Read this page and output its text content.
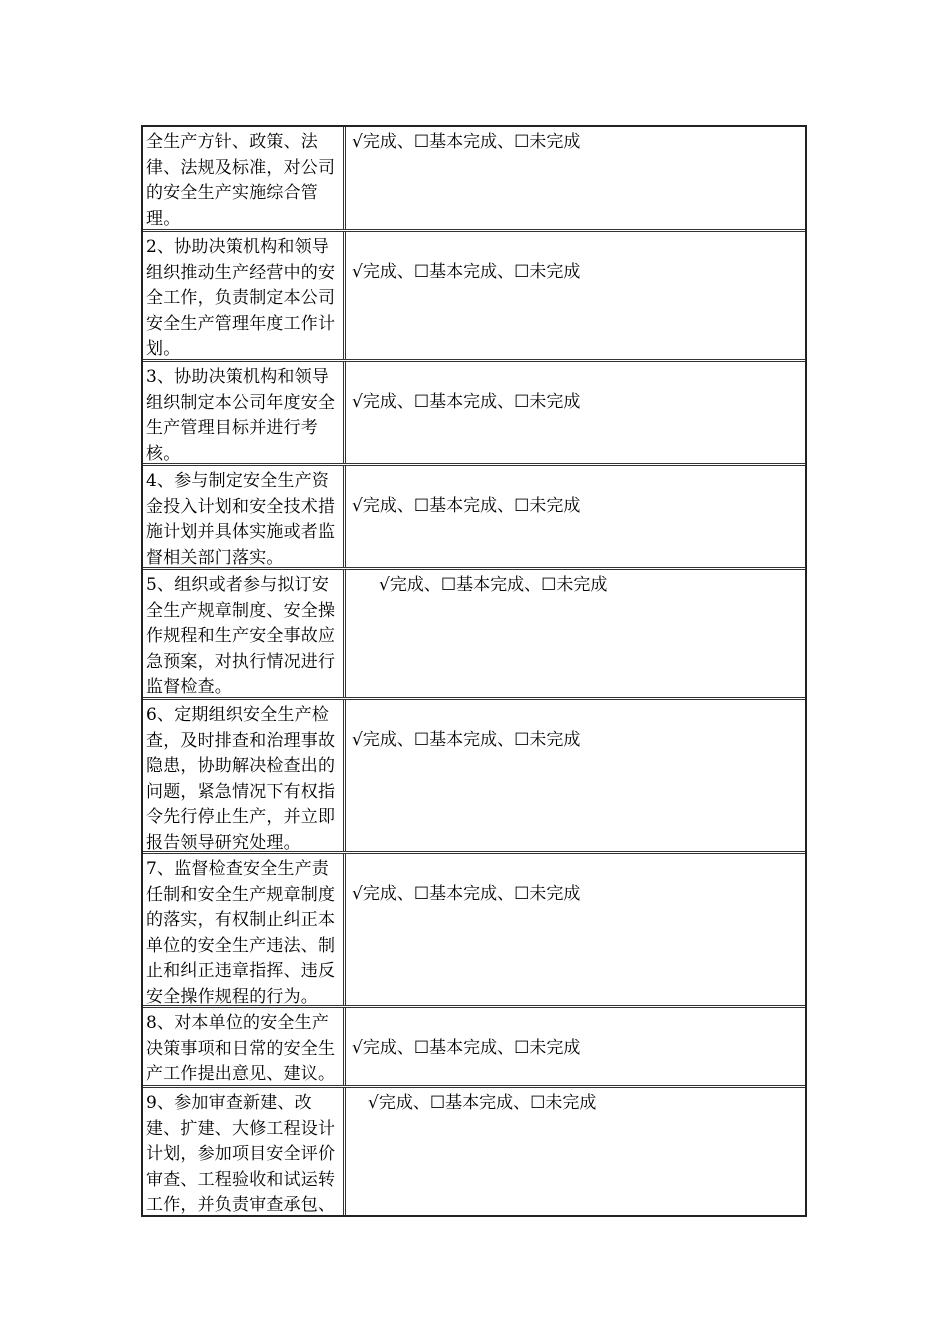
全生产方针、政策、法律、法规及标准，对公司的安全生产实施综合管理。
√完成、☐基本完成、☐未完成
2、协助决策机构和领导组织推动生产经营中的安全工作，负责制定本公司安全生产管理年度工作计划。
√完成、☐基本完成、☐未完成
3、协助决策机构和领导组织制定本公司年度安全生产管理目标并进行考核。
√完成、☐基本完成、☐未完成
4、参与制定安全生产资金投入计划和安全技术措施计划并具体实施或者监督相关部门落实。
√完成、☐基本完成、☐未完成
5、组织或者参与拟订安全生产规章制度、安全操作规程和生产安全事故应急预案，对执行情况进行监督检查。
√完成、☐基本完成、☐未完成
6、定期组织安全生产检查，及时排查和治理事故隐患，协助解决检查出的问题，紧急情况下有权指令先行停止生产，并立即报告领导研究处理。
√完成、☐基本完成、☐未完成
7、监督检查安全生产责任制和安全生产规章制度的落实，有权制止纠正本单位的安全生产违法、制止和纠正违章指挥、违反安全操作规程的行为。
√完成、☐基本完成、☐未完成
8、对本单位的安全生产决策事项和日常的安全生产工作提出意见、建议。
√完成、☐基本完成、☐未完成
9、参加审查新建、改建、扩建、大修工程设计计划，参加项目安全评价审查、工程验收和试运转工作，并负责审查承包、
√完成、☐基本完成、☐未完成
